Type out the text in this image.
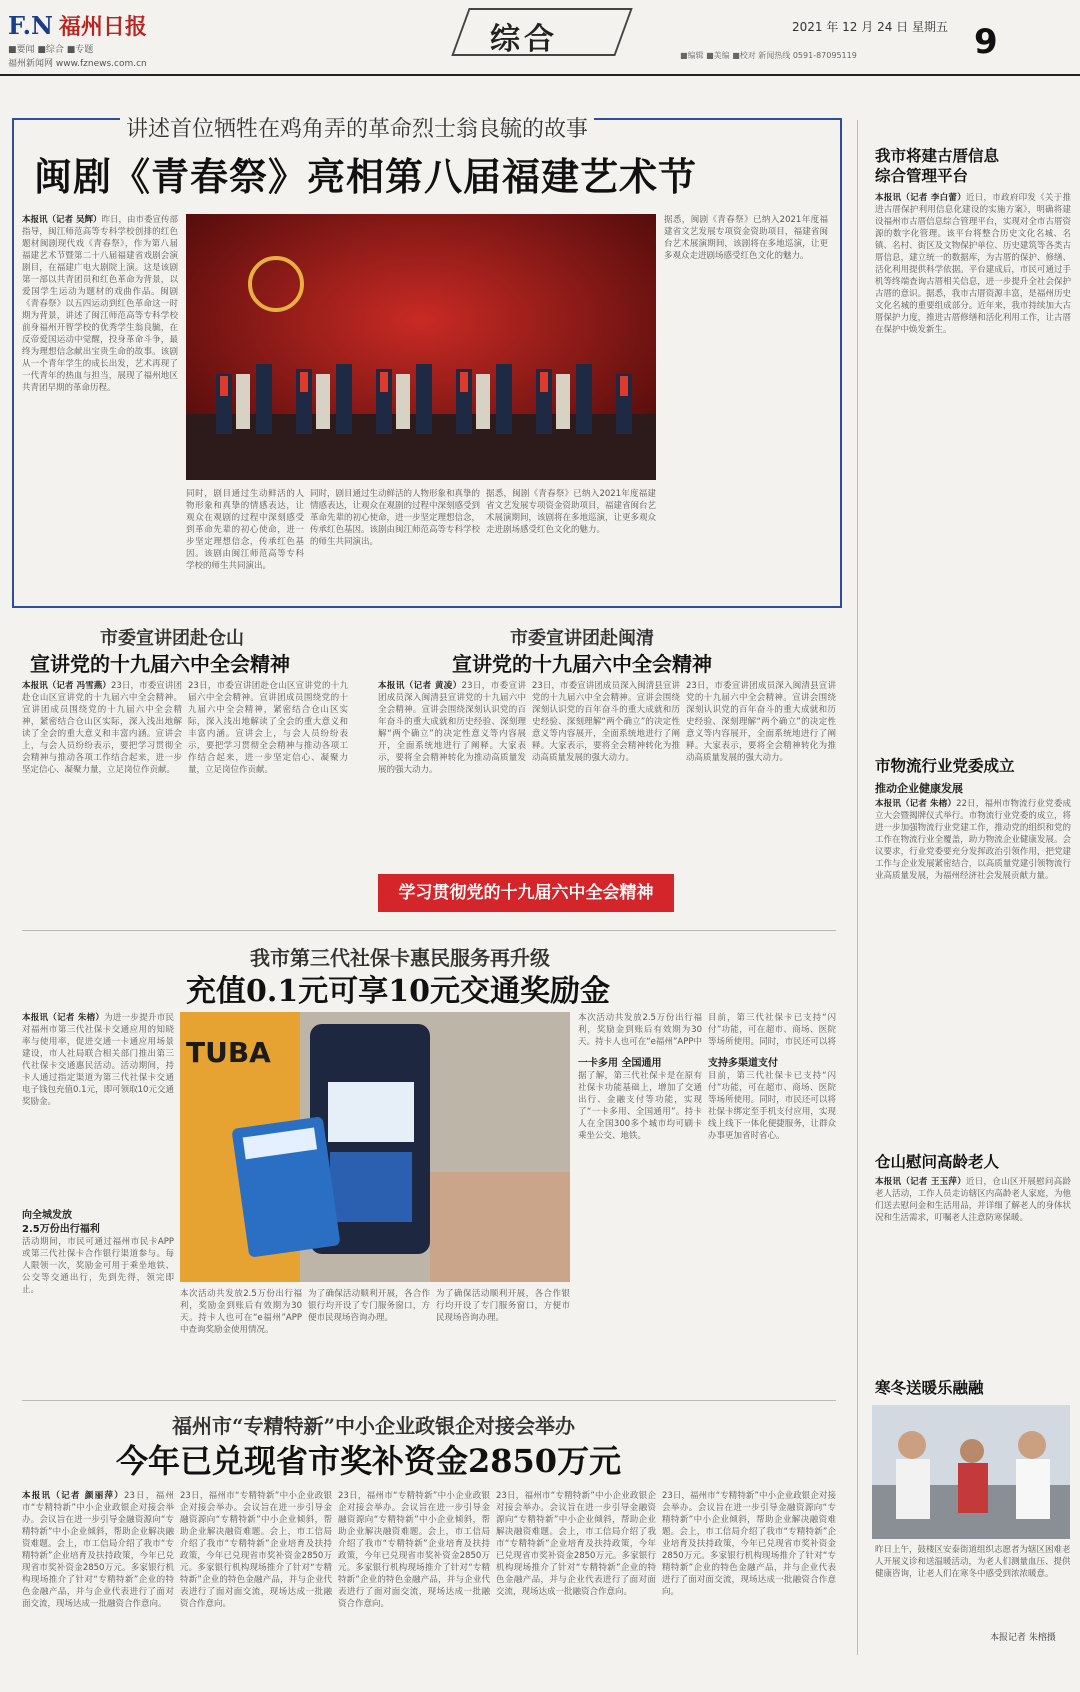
F.N 福州日报
■要闻 ■综合 ■专题
福州新闻网 www.fznews.com.cn
综合	2021 年 12 月 24 日 星期五
■编辑 ■美编 ■校对 新闻热线 0591-87095119	9
讲述首位牺牲在鸡角弄的革命烈士翁良毓的故事
闽剧《青春祭》亮相第八届福建艺术节
本报讯（记者 吴辉）昨日，由市委宣传部指导，闽江师范高等专科学校创排的红色题材闽剧现代戏《青春祭》，作为第八届福建艺术节暨第二十八届福建省戏剧会演剧目，在福建广电大剧院上演。这是该剧第一部以共青团员和红色革命为背景，以爱国学生运动为题材的戏曲作品。闽剧《青春祭》以五四运动到红色革命这一时期为背景，讲述了闽江师范高等专科学校前身福州开智学校的优秀学生翁良毓，在反帝爱国运动中觉醒，投身革命斗争，最终为理想信念献出宝贵生命的故事。该剧从一个青年学生的成长出发，艺术再现了一代青年的热血与担当，展现了福州地区共青团早期的革命历程。
同时，剧目通过生动鲜活的人物形象和真挚的情感表达，让观众在观剧的过程中深刻感受到革命先辈的初心使命，进一步坚定理想信念，传承红色基因。该剧由闽江师范高等专科学校的师生共同演出。
同时，剧目通过生动鲜活的人物形象和真挚的情感表达，让观众在观剧的过程中深刻感受到革命先辈的初心使命，进一步坚定理想信念，传承红色基因。该剧由闽江师范高等专科学校的师生共同演出。
据悉，闽剧《青春祭》已纳入2021年度福建省文艺发展专项资金资助项目，福建省闽台艺术展演期间，该剧将在多地巡演，让更多观众走进剧场感受红色文化的魅力。
据悉，闽剧《青春祭》已纳入2021年度福建省文艺发展专项资金资助项目，福建省闽台艺术展演期间，该剧将在多地巡演，让更多观众走进剧场感受红色文化的魅力。
市委宣讲团赴仓山
宣讲党的十九届六中全会精神
本报讯（记者 冯雪燕）23日，市委宣讲团赴仓山区宣讲党的十九届六中全会精神。宣讲团成员围绕党的十九届六中全会精神，紧密结合仓山区实际，深入浅出地解读了全会的重大意义和丰富内涵。宣讲会上，与会人员纷纷表示，要把学习贯彻全会精神与推动各项工作结合起来，进一步坚定信心、凝聚力量，立足岗位作贡献。
23日，市委宣讲团赴仓山区宣讲党的十九届六中全会精神。宣讲团成员围绕党的十九届六中全会精神，紧密结合仓山区实际，深入浅出地解读了全会的重大意义和丰富内涵。宣讲会上，与会人员纷纷表示，要把学习贯彻全会精神与推动各项工作结合起来，进一步坚定信心、凝聚力量，立足岗位作贡献。
市委宣讲团赴闽清
宣讲党的十九届六中全会精神
本报讯（记者 黄凌）23日，市委宣讲团成员深入闽清县宣讲党的十九届六中全会精神。宣讲会围绕深刻认识党的百年奋斗的重大成就和历史经验、深刻理解“两个确立”的决定性意义等内容展开，全面系统地进行了阐释。大家表示，要将全会精神转化为推动高质量发展的强大动力。
23日，市委宣讲团成员深入闽清县宣讲党的十九届六中全会精神。宣讲会围绕深刻认识党的百年奋斗的重大成就和历史经验、深刻理解“两个确立”的决定性意义等内容展开，全面系统地进行了阐释。大家表示，要将全会精神转化为推动高质量发展的强大动力。
23日，市委宣讲团成员深入闽清县宣讲党的十九届六中全会精神。宣讲会围绕深刻认识党的百年奋斗的重大成就和历史经验、深刻理解“两个确立”的决定性意义等内容展开，全面系统地进行了阐释。大家表示，要将全会精神转化为推动高质量发展的强大动力。
学习贯彻党的十九届六中全会精神
我市第三代社保卡惠民服务再升级
充值0.1元可享10元交通奖励金
本报讯（记者 朱榕）为进一步提升市民对福州市第三代社保卡交通应用的知晓率与使用率，促进交通一卡通应用场景建设，市人社局联合相关部门推出第三代社保卡交通惠民活动。活动期间，持卡人通过指定渠道为第三代社保卡交通电子钱包充值0.1元，即可领取10元交通奖励金。
向全城发放
2.5万份出行福利
活动期间，市民可通过福州市民卡APP或第三代社保卡合作银行渠道参与。每人限领一次，奖励金可用于乘坐地铁、公交等交通出行，先到先得，领完即止。
TUBA
本次活动共发放2.5万份出行福利，奖励金到账后有效期为30天。持卡人也可在“e福州”APP中查询奖励金使用情况。
为了确保活动顺利开展，各合作银行均开设了专门服务窗口，方便市民现场咨询办理。
为了确保活动顺利开展，各合作银行均开设了专门服务窗口，方便市民现场咨询办理。
本次活动共发放2.5万份出行福利，奖励金到账后有效期为30天。持卡人也可在“e福州”APP中
一卡多用 全国通用
据了解，第三代社保卡是在原有社保卡功能基础上，增加了交通出行、金融支付等功能，实现了“一卡多用、全国通用”。持卡人在全国300多个城市均可刷卡乘坐公交、地铁。
目前，第三代社保卡已支持“闪付”功能，可在超市、商场、医院等场所使用。同时，市民还可以将
支持多渠道支付
目前，第三代社保卡已支持“闪付”功能，可在超市、商场、医院等场所使用。同时，市民还可以将社保卡绑定至手机支付应用，实现线上线下一体化便捷服务，让群众办事更加省时省心。
福州市“专精特新”中小企业政银企对接会举办
今年已兑现省市奖补资金2850万元
本报讯（记者 颜丽萍）23日，福州市“专精特新”中小企业政银企对接会举办。会议旨在进一步引导金融资源向“专精特新”中小企业倾斜，帮助企业解决融资难题。会上，市工信局介绍了我市“专精特新”企业培育及扶持政策，今年已兑现省市奖补资金2850万元。多家银行机构现场推介了针对“专精特新”企业的特色金融产品，并与企业代表进行了面对面交流，现场达成一批融资合作意向。
23日，福州市“专精特新”中小企业政银企对接会举办。会议旨在进一步引导金融资源向“专精特新”中小企业倾斜，帮助企业解决融资难题。会上，市工信局介绍了我市“专精特新”企业培育及扶持政策，今年已兑现省市奖补资金2850万元。多家银行机构现场推介了针对“专精特新”企业的特色金融产品，并与企业代表进行了面对面交流，现场达成一批融资合作意向。
23日，福州市“专精特新”中小企业政银企对接会举办。会议旨在进一步引导金融资源向“专精特新”中小企业倾斜，帮助企业解决融资难题。会上，市工信局介绍了我市“专精特新”企业培育及扶持政策，今年已兑现省市奖补资金2850万元。多家银行机构现场推介了针对“专精特新”企业的特色金融产品，并与企业代表进行了面对面交流，现场达成一批融资合作意向。
23日，福州市“专精特新”中小企业政银企对接会举办。会议旨在进一步引导金融资源向“专精特新”中小企业倾斜，帮助企业解决融资难题。会上，市工信局介绍了我市“专精特新”企业培育及扶持政策，今年已兑现省市奖补资金2850万元。多家银行机构现场推介了针对“专精特新”企业的特色金融产品，并与企业代表进行了面对面交流，现场达成一批融资合作意向。
23日，福州市“专精特新”中小企业政银企对接会举办。会议旨在进一步引导金融资源向“专精特新”中小企业倾斜，帮助企业解决融资难题。会上，市工信局介绍了我市“专精特新”企业培育及扶持政策，今年已兑现省市奖补资金2850万元。多家银行机构现场推介了针对“专精特新”企业的特色金融产品，并与企业代表进行了面对面交流，现场达成一批融资合作意向。
我市将建古厝信息
综合管理平台
本报讯（记者 李白蕾）近日，市政府印发《关于推进古厝保护利用信息化建设的实施方案》，明确将建设福州市古厝信息综合管理平台，实现对全市古厝资源的数字化管理。该平台将整合历史文化名城、名镇、名村、街区及文物保护单位、历史建筑等各类古厝信息，建立统一的数据库，为古厝的保护、修缮、活化利用提供科学依据。平台建成后，市民可通过手机等终端查询古厝相关信息，进一步提升全社会保护古厝的意识。据悉，我市古厝资源丰富，是福州历史文化名城的重要组成部分。近年来，我市持续加大古厝保护力度，推进古厝修缮和活化利用工作，让古厝在保护中焕发新生。
市物流行业党委成立
推动企业健康发展
本报讯（记者 朱榕）22日，福州市物流行业党委成立大会暨揭牌仪式举行。市物流行业党委的成立，将进一步加强物流行业党建工作，推动党的组织和党的工作在物流行业全覆盖，助力物流企业健康发展。会议要求，行业党委要充分发挥政治引领作用，把党建工作与企业发展紧密结合，以高质量党建引领物流行业高质量发展，为福州经济社会发展贡献力量。
仓山慰问高龄老人
本报讯（记者 王玉萍）近日，仓山区开展慰问高龄老人活动，工作人员走访辖区内高龄老人家庭，为他们送去慰问金和生活用品，并详细了解老人的身体状况和生活需求，叮嘱老人注意防寒保暖。
寒冬送暖乐融融
昨日上午，鼓楼区安泰街道组织志愿者为辖区困难老人开展义诊和送温暖活动，为老人们测量血压、提供健康咨询，让老人们在寒冬中感受到浓浓暖意。
本报记者 朱榕摄
